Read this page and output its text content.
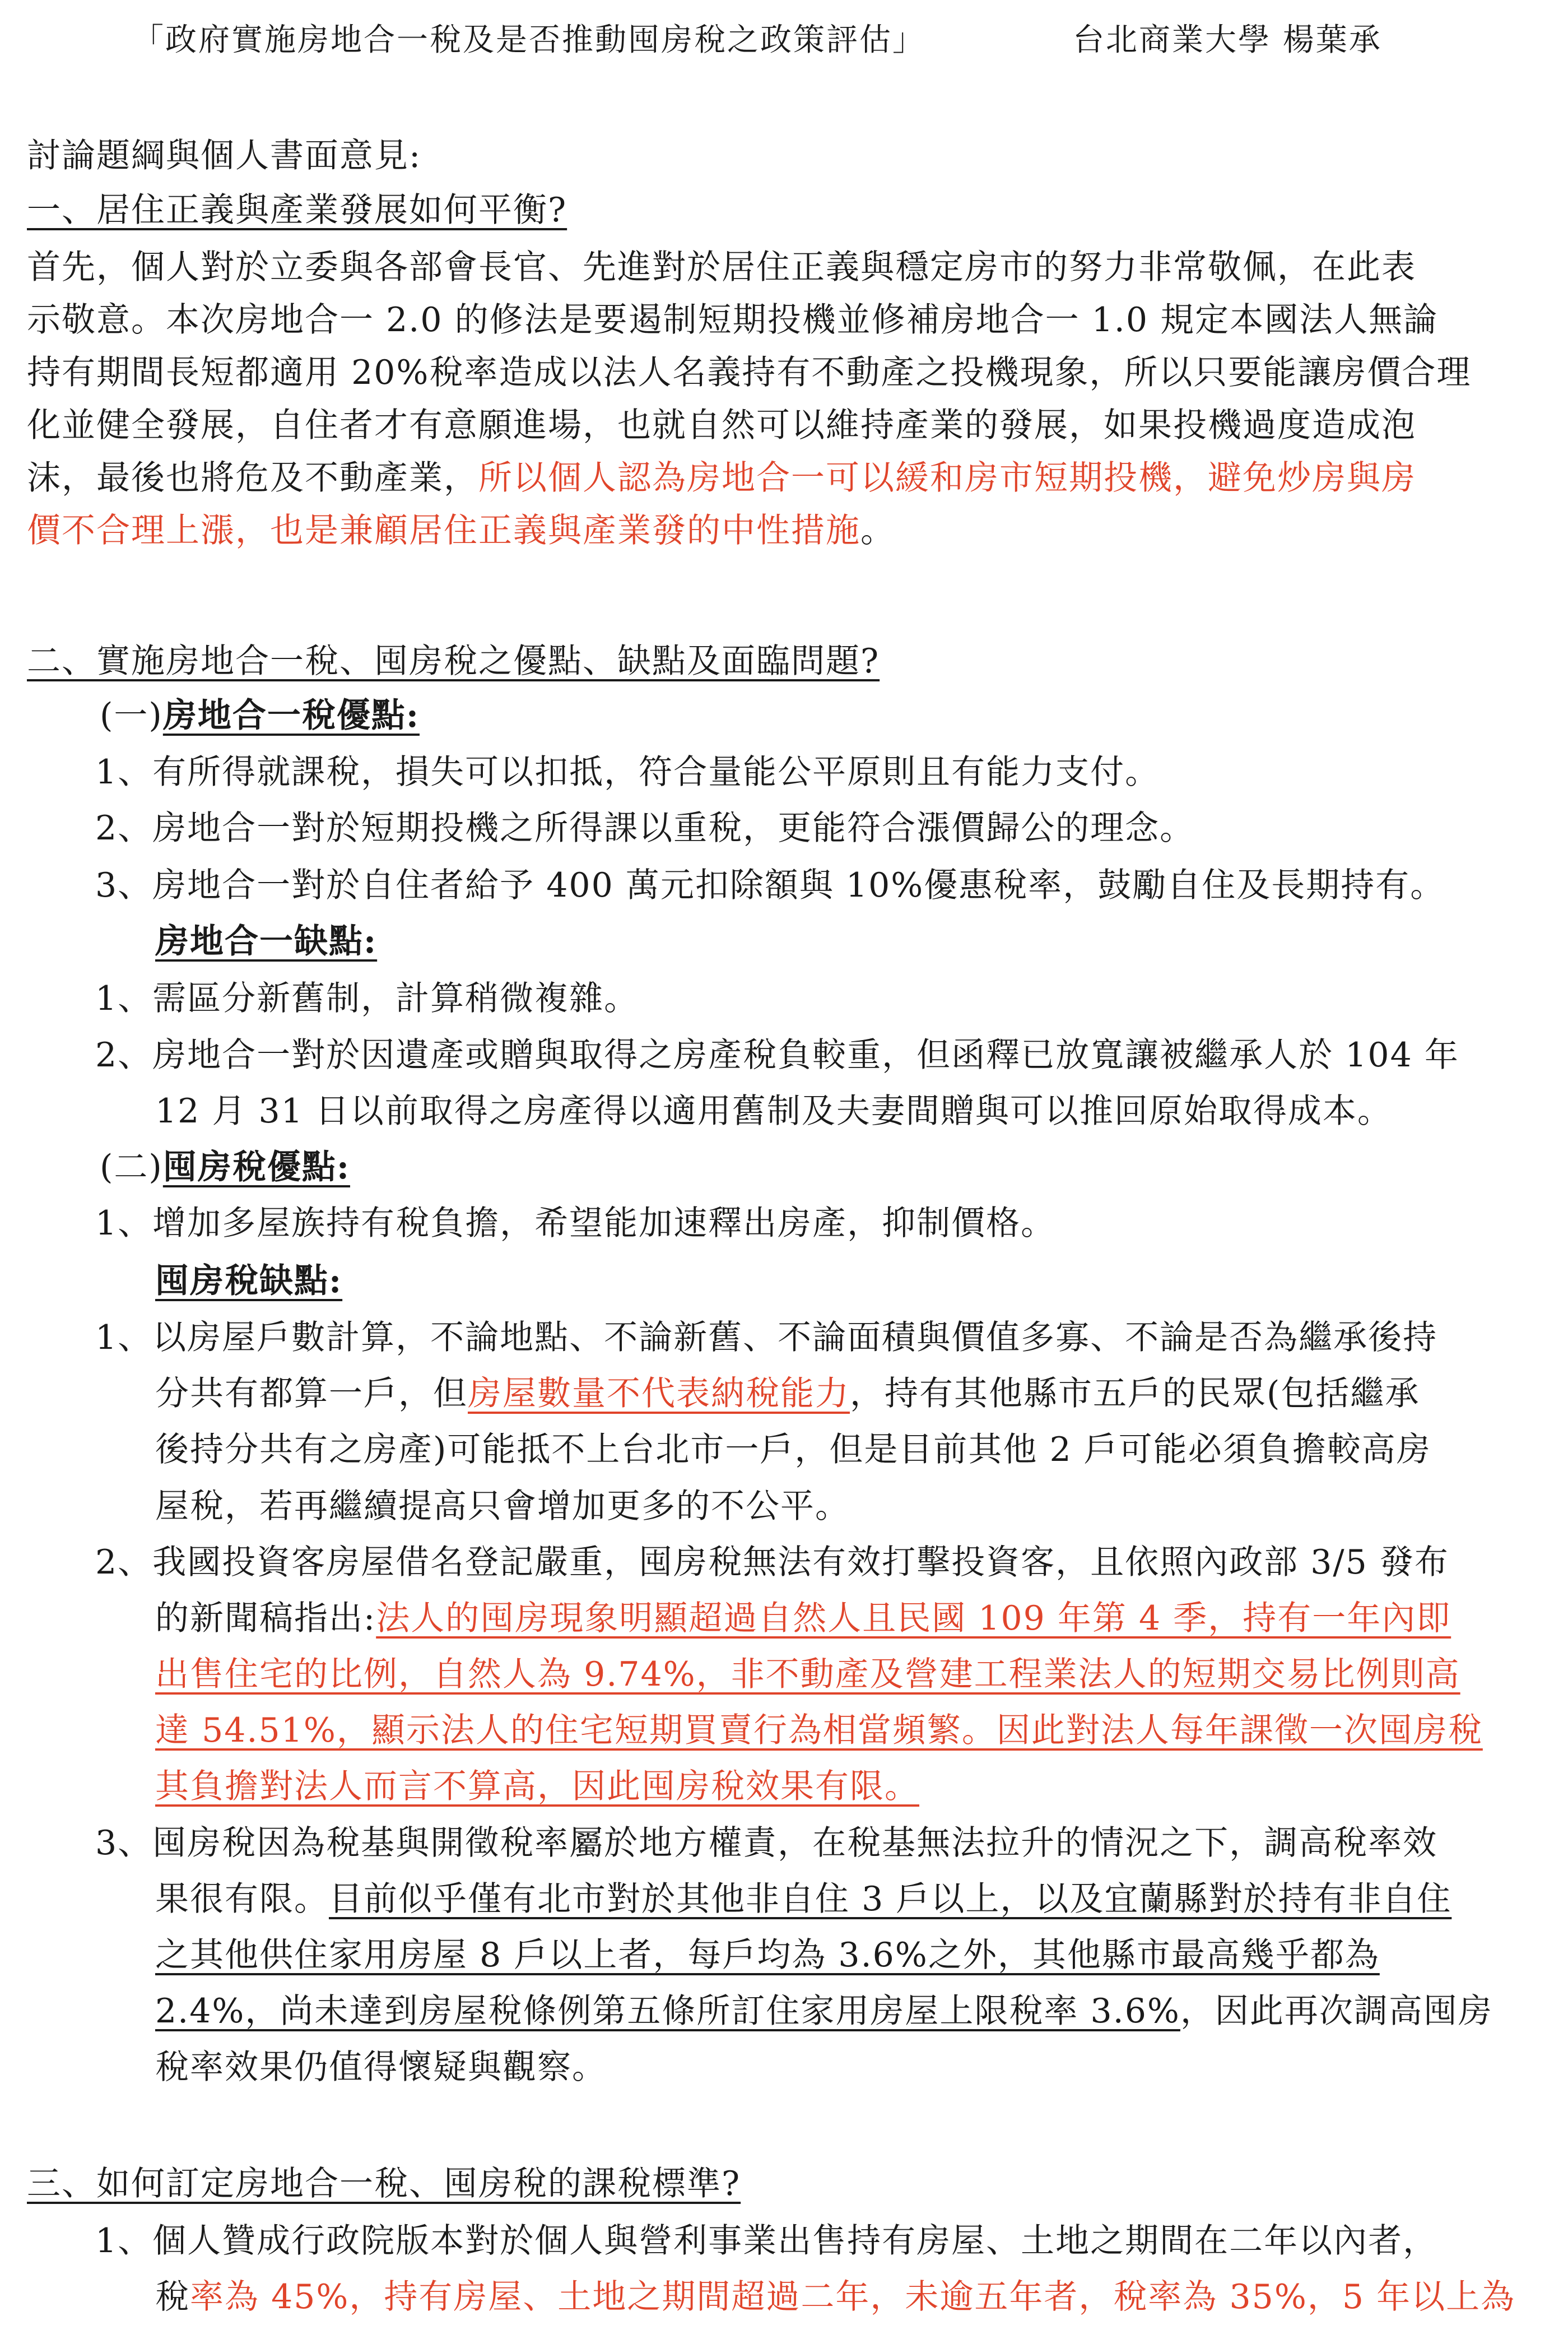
「政府實施房地合一稅及是否推動囤房稅之政策評估」	台北商業大學 楊葉承
討論題綱與個人書面意見:
一、居住正義與產業發展如何平衡?
首先，個人對於立委與各部會長官、先進對於居住正義與穩定房市的努力非常敬佩，在此表
示敬意。本次房地合一 2.0 的修法是要遏制短期投機並修補房地合一 1.0 規定本國法人無論
持有期間長短都適用 20%稅率造成以法人名義持有不動產之投機現象，所以只要能讓房價合理
化並健全發展，自住者才有意願進場，也就自然可以維持產業的發展，如果投機過度造成泡
沫，最後也將危及不動產業，所以個人認為房地合一可以緩和房市短期投機，避免炒房與房
價不合理上漲，也是兼顧居住正義與產業發的中性措施。
二、實施房地合一稅、囤房稅之優點、缺點及面臨問題?
(一)房地合一稅優點:
1、有所得就課稅，損失可以扣抵，符合量能公平原則且有能力支付。
2、房地合一對於短期投機之所得課以重稅，更能符合漲價歸公的理念。
3、房地合一對於自住者給予 400 萬元扣除額與 10%優惠稅率，鼓勵自住及長期持有。
房地合一缺點:
1、需區分新舊制，計算稍微複雜。
2、房地合一對於因遺產或贈與取得之房產稅負較重，但函釋已放寬讓被繼承人於 104 年
12 月 31 日以前取得之房產得以適用舊制及夫妻間贈與可以推回原始取得成本。
(二)囤房稅優點:
1、增加多屋族持有稅負擔，希望能加速釋出房產，抑制價格。
囤房稅缺點:
1、以房屋戶數計算，不論地點、不論新舊、不論面積與價值多寡、不論是否為繼承後持
分共有都算一戶，但房屋數量不代表納稅能力，持有其他縣市五戶的民眾(包括繼承
後持分共有之房產)可能抵不上台北市一戶，但是目前其他 2 戶可能必須負擔較高房
屋稅，若再繼續提高只會增加更多的不公平。
2、我國投資客房屋借名登記嚴重，囤房稅無法有效打擊投資客，且依照內政部 3/5 發布
的新聞稿指出:法人的囤房現象明顯超過自然人且民國 109 年第 4 季，持有一年內即
出售住宅的比例，自然人為 9.74%，非不動產及營建工程業法人的短期交易比例則高
達 54.51%，顯示法人的住宅短期買賣行為相當頻繁。因此對法人每年課徵一次囤房稅
其負擔對法人而言不算高，因此囤房稅效果有限。
3、囤房稅因為稅基與開徵稅率屬於地方權責，在稅基無法拉升的情況之下，調高稅率效
果很有限。目前似乎僅有北市對於其他非自住 3 戶以上，以及宜蘭縣對於持有非自住
之其他供住家用房屋 8 戶以上者，每戶均為 3.6%之外，其他縣市最高幾乎都為
2.4%，尚未達到房屋稅條例第五條所訂住家用房屋上限稅率 3.6%，因此再次調高囤房
稅率效果仍值得懷疑與觀察。
三、如何訂定房地合一稅、囤房稅的課稅標準?
1、個人贊成行政院版本對於個人與營利事業出售持有房屋、土地之期間在二年以內者，
稅率為 45%，持有房屋、土地之期間超過二年，未逾五年者，稅率為 35%，5 年以上為
